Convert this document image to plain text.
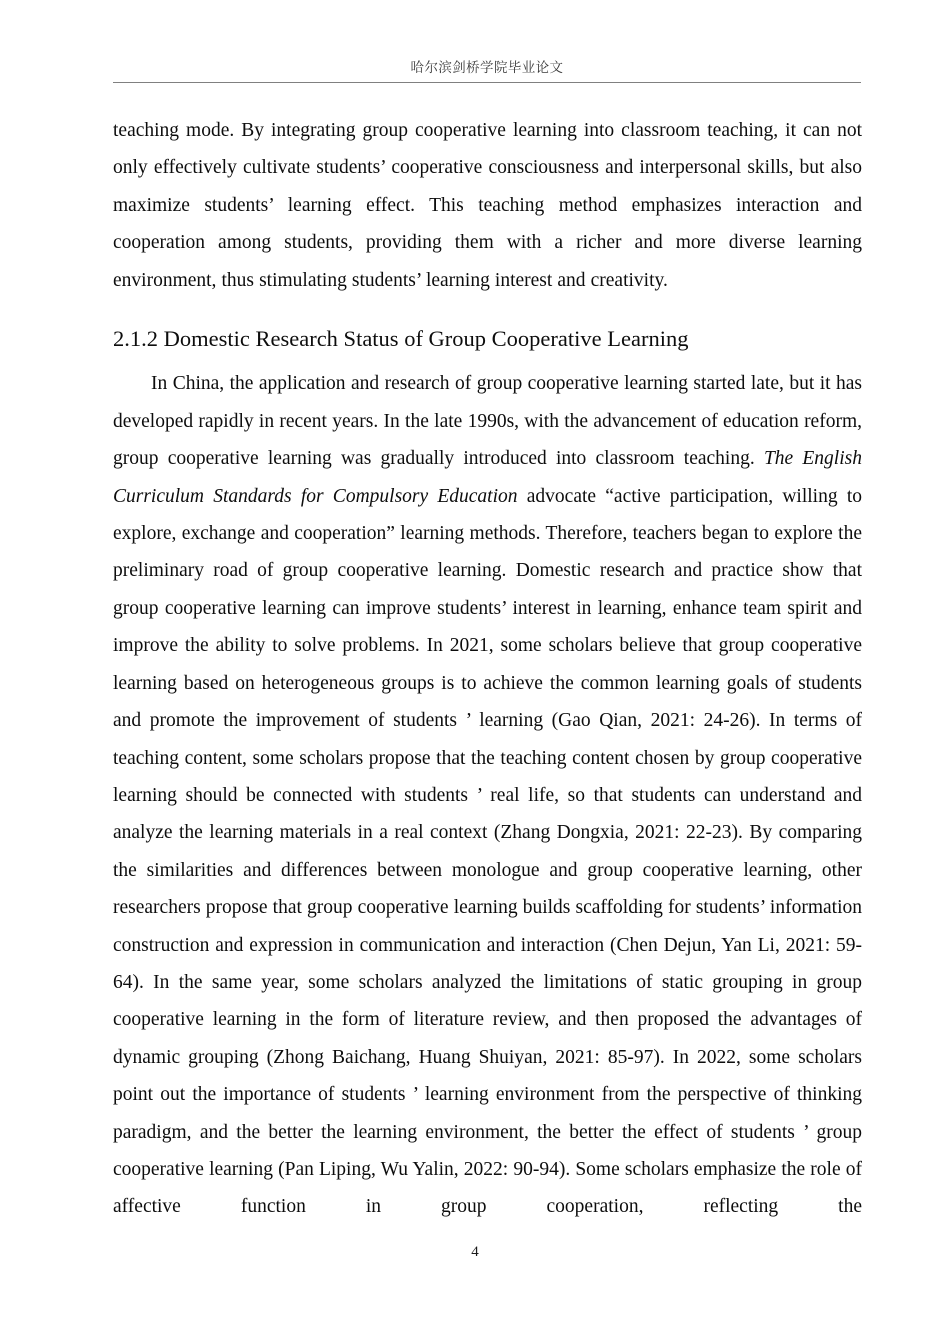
哈尔滨剑桥学院毕业论文

teaching mode. By integrating group cooperative learning into classroom teaching, it can not only effectively cultivate students’ cooperative consciousness and interpersonal skills, but also maximize students’ learning effect. This teaching method emphasizes interaction and cooperation among students, providing them with a richer and more diverse learning environment, thus stimulating students’ learning interest and creativity.

2.1.2 Domestic Research Status of Group Cooperative Learning

In China, the application and research of group cooperative learning started late, but it has developed rapidly in recent years. In the late 1990s, with the advancement of education reform, group cooperative learning was gradually introduced into classroom teaching. The English Curriculum Standards for Compulsory Education advocate “active participation, willing to explore, exchange and cooperation” learning methods. Therefore, teachers began to explore the preliminary road of group cooperative learning. Domestic research and practice show that group cooperative learning can improve students’ interest in learning, enhance team spirit and improve the ability to solve problems. In 2021, some scholars believe that group cooperative learning based on heterogeneous groups is to achieve the common learning goals of students and promote the improvement of students ’ learning (Gao Qian, 2021: 24-26). In terms of teaching content, some scholars propose that the teaching content chosen by group cooperative learning should be connected with students ’ real life, so that students can understand and analyze the learning materials in a real context (Zhang Dongxia, 2021: 22-23). By comparing the similarities and differences between monologue and group cooperative learning, other researchers propose that group cooperative learning builds scaffolding for students’ information construction and expression in communication and interaction (Chen Dejun, Yan Li, 2021: 59-64). In the same year, some scholars analyzed the limitations of static grouping in group cooperative learning in the form of literature review, and then proposed the advantages of dynamic grouping (Zhong Baichang, Huang Shuiyan, 2021: 85-97). In 2022, some scholars point out the importance of students ’ learning environment from the perspective of thinking paradigm, and the better the learning environment, the better the effect of students ’ group cooperative learning (Pan Liping, Wu Yalin, 2022: 90-94). Some scholars emphasize the role of affective function in group cooperation, reflecting the

4
